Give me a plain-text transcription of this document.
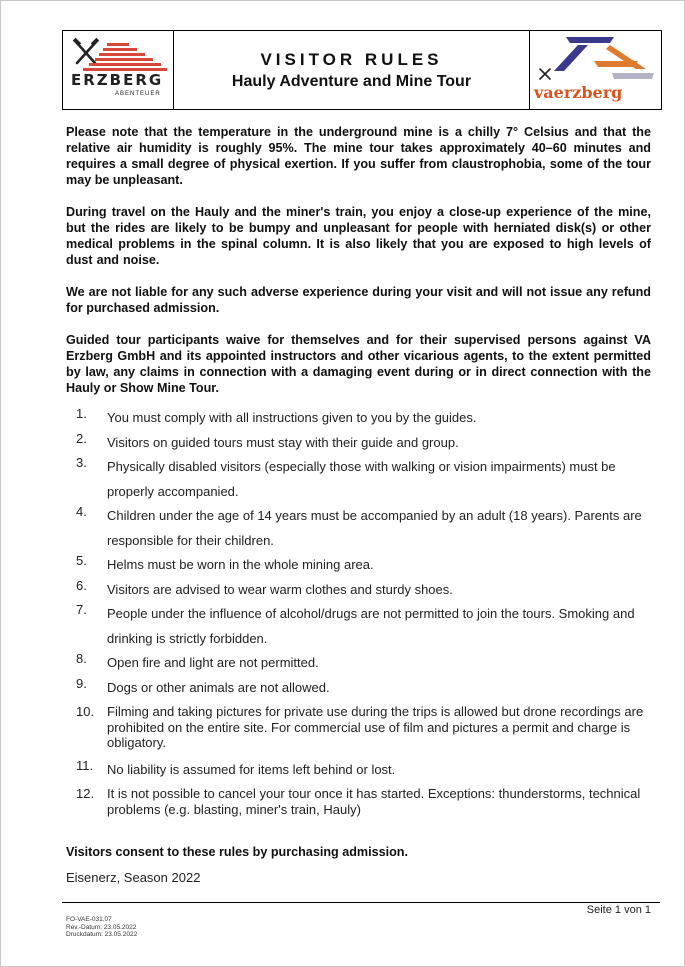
ERZBERG
ABENTEUER
VISITOR RULES
Hauly Adventure and Mine Tour
vaerzberg

Please note that the temperature in the underground mine is a chilly 7° Celsius and that the relative air humidity is roughly 95%. The mine tour takes approximately 40–60 minutes and requires a small degree of physical exertion. If you suffer from claustrophobia, some of the tour may be unpleasant.

During travel on the Hauly and the miner's train, you enjoy a close-up experience of the mine, but the rides are likely to be bumpy and unpleasant for people with herniated disk(s) or other medical problems in the spinal column. It is also likely that you are exposed to high levels of dust and noise.

We are not liable for any such adverse experience during your visit and will not issue any refund for purchased admission.

Guided tour participants waive for themselves and for their supervised persons against VA Erzberg GmbH and its appointed instructors and other vicarious agents, to the extent permitted by law, any claims in connection with a damaging event during or in direct connection with the Hauly or Show Mine Tour.

1.	You must comply with all instructions given to you by the guides.
2.	Visitors on guided tours must stay with their guide and group.
3.	Physically disabled visitors (especially those with walking or vision impairments) must be properly accompanied.
4.	Children under the age of 14 years must be accompanied by an adult (18 years). Parents are responsible for their children.
5.	Helms must be worn in the whole mining area.
6.	Visitors are advised to wear warm clothes and sturdy shoes.
7.	People under the influence of alcohol/drugs are not permitted to join the tours. Smoking and drinking is strictly forbidden.
8.	Open fire and light are not permitted.
9.	Dogs or other animals are not allowed.
10. Filming and taking pictures for private use during the trips is allowed but drone recordings are prohibited on the entire site. For commercial use of film and pictures a permit and charge is obligatory.
11.	No liability is assumed for items left behind or lost.
12. It is not possible to cancel your tour once it has started. Exceptions: thunderstorms, technical problems (e.g. blasting, miner's train, Hauly)
Visitors consent to these rules by purchasing admission.
Eisenerz, Season 2022
Seite 1 von 1
FO-VAE-031.07
Rev.-Datum: 23.05.2022
Druckdatum: 23.05.2022
